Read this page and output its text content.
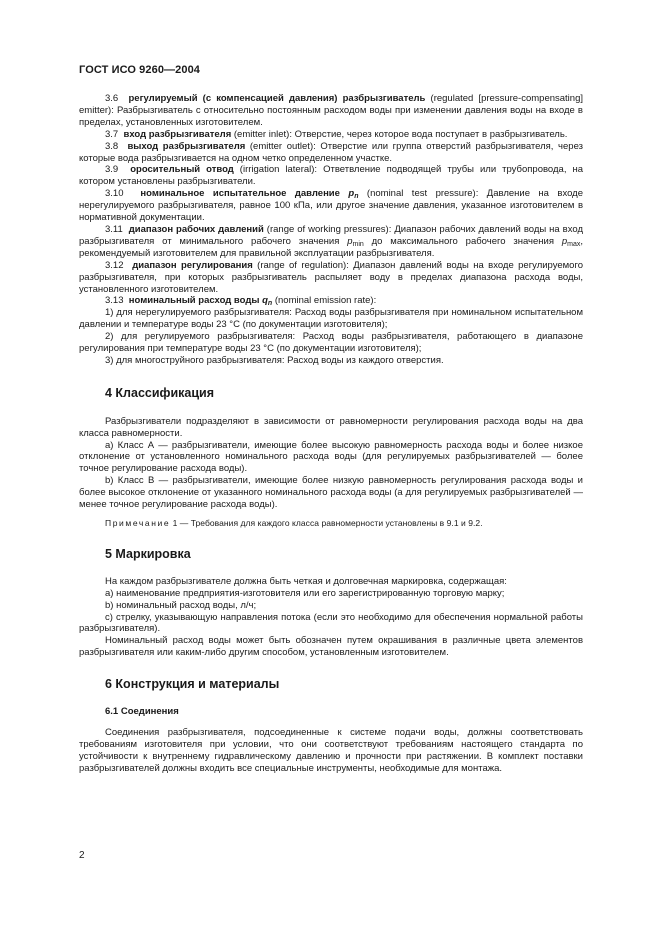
ГОСТ ИСО 9260—2004

3.6 регулируемый (с компенсацией давления) разбрызгиватель (regulated [pressure-compensating] emitter): Разбрызгиватель с относительно постоянным расходом воды при изменении давления воды на входе в пределах, установленных изготовителем.

3.7 вход разбрызгивателя (emitter inlet): Отверстие, через которое вода поступает в разбрызгиватель.

3.8 выход разбрызгивателя (emitter outlet): Отверстие или группа отверстий разбрызгивателя, через которые вода разбрызгивается на одном четко определенном участке.

3.9 оросительный отвод (irrigation lateral): Ответвление подводящей трубы или трубопровода, на котором установлены разбрызгиватели.

3.10 номинальное испытательное давление $p_n$ (nominal test pressure): Давление на входе нерегулируемого разбрызгивателя, равное 100 кПа, или другое значение давления, указанное изготовителем в нормативной документации.

3.11 диапазон рабочих давлений (range of working pressures): Диапазон рабочих давлений воды на вход разбрызгивателя от минимального рабочего значения $p_{min}$ до максимального рабочего значения $p_{max}$, рекомендуемый изготовителем для правильной эксплуатации разбрызгивателя.

3.12 диапазон регулирования (range of regulation): Диапазон давлений воды на входе регулируемого разбрызгивателя, при которых разбрызгиватель распыляет воду в пределах диапазона расхода воды, установленного изготовителем.

3.13 номинальный расход воды $q_n$ (nominal emission rate):

1) для нерегулируемого разбрызгивателя: Расход воды разбрызгивателя при номинальном испытательном давлении и температуре воды 23 °С (по документации изготовителя);

2) для регулируемого разбрызгивателя: Расход воды разбрызгивателя, работающего в диапазоне регулирования при температуре воды 23 °С (по документации изготовителя);

3) для многоструйного разбрызгивателя: Расход воды из каждого отверстия.

4 Классификация

Разбрызгиватели подразделяют в зависимости от равномерности регулирования расхода воды на два класса равномерности.

а) Класс А — разбрызгиватели, имеющие более высокую равномерность расхода воды и более низкое отклонение от установленного номинального расхода воды (для регулируемых разбрызгивателей — более точное регулирование расхода воды).

b) Класс В — разбрызгиватели, имеющие более низкую равномерность регулирования расхода воды и более высокое отклонение от указанного номинального расхода воды (а для регулируемых разбрызгивателей — менее точное регулирование расхода воды).

Примечание 1 — Требования для каждого класса равномерности установлены в 9.1 и 9.2.

5 Маркировка

На каждом разбрызгивателе должна быть четкая и долговечная маркировка, содержащая:

а) наименование предприятия-изготовителя или его зарегистрированную торговую марку;

b) номинальный расход воды, л/ч;

с) стрелку, указывающую направления потока (если это необходимо для обеспечения нормальной работы разбрызгивателя).

Номинальный расход воды может быть обозначен путем окрашивания в различные цвета элементов разбрызгивателя или каким-либо другим способом, установленным изготовителем.

6 Конструкция и материалы
6.1 Соединения

Соединения разбрызгивателя, подсоединенные к системе подачи воды, должны соответствовать требованиям изготовителя при условии, что они соответствуют требованиям настоящего стандарта по устойчивости к внутреннему гидравлическому давлению и прочности при растяжении. В комплект поставки разбрызгивателей должны входить все специальные инструменты, необходимые для монтажа.

2
